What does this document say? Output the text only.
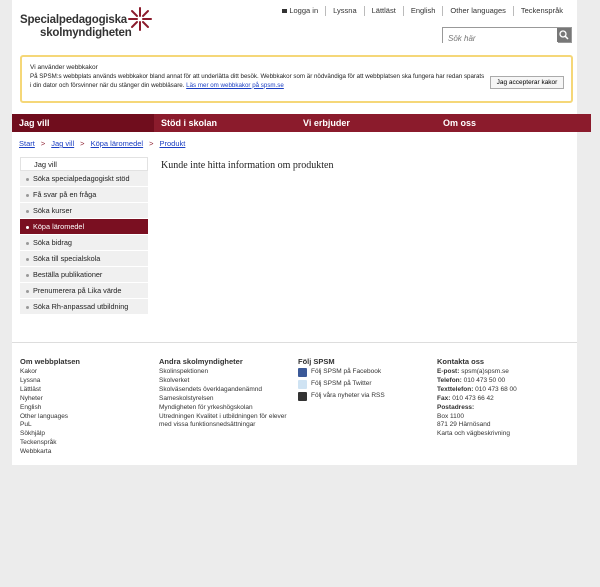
Specialpedagogiska
skolmyndigheten
Logga in	Lyssna	Lättläst	English	Other languages	Teckenspråk
Sök här
Vi använder webbkakor
På SPSM:s webbplats används webbkakor bland annat för att underlätta ditt besök. Webbkakor som är nödvändiga för att webbplatsen ska fungera har redan sparats i din dator och försvinner när du stänger din webbläsare. Läs mer om webbkakor på spsm.se	Jag accepterar kakor
Jag vill	Stöd i skolan	Vi erbjuder	Om oss
Start > Jag vill > Köpa läromedel > Produkt
Jag vill
Söka specialpedagogiskt stöd
Få svar på en fråga
Söka kurser
Köpa läromedel
Söka bidrag
Söka till specialskola
Beställa publikationer
Prenumerera på Lika värde
Söka Rh-anpassad utbildning
Kunde inte hitta information om produkten
Om webbplatsen
Kakor
Lyssna
Lättläst
Nyheter
English
Other languages
PuL
Sökhjälp
Teckenspråk
Webbkarta
Andra skolmyndigheter
Skolinspektionen
Skolverket
Skolväsendets överklagandenämnd
Sameskolstyrelsen
Myndigheten för yrkeshögskolan
Utredningen Kvalitet i utbildningen för elever med vissa funktionsnedsättningar
Följ SPSM
Följ SPSM på Facebook
Följ SPSM på Twitter
Följ våra nyheter via RSS
Kontakta oss
E-post: spsm(a)spsm.se
Telefon: 010 473 50 00
Texttelefon: 010 473 68 00
Fax: 010 473 66 42
Postadress:
Box 1100
871 29 Härnösand
Karta och vägbeskrivning
